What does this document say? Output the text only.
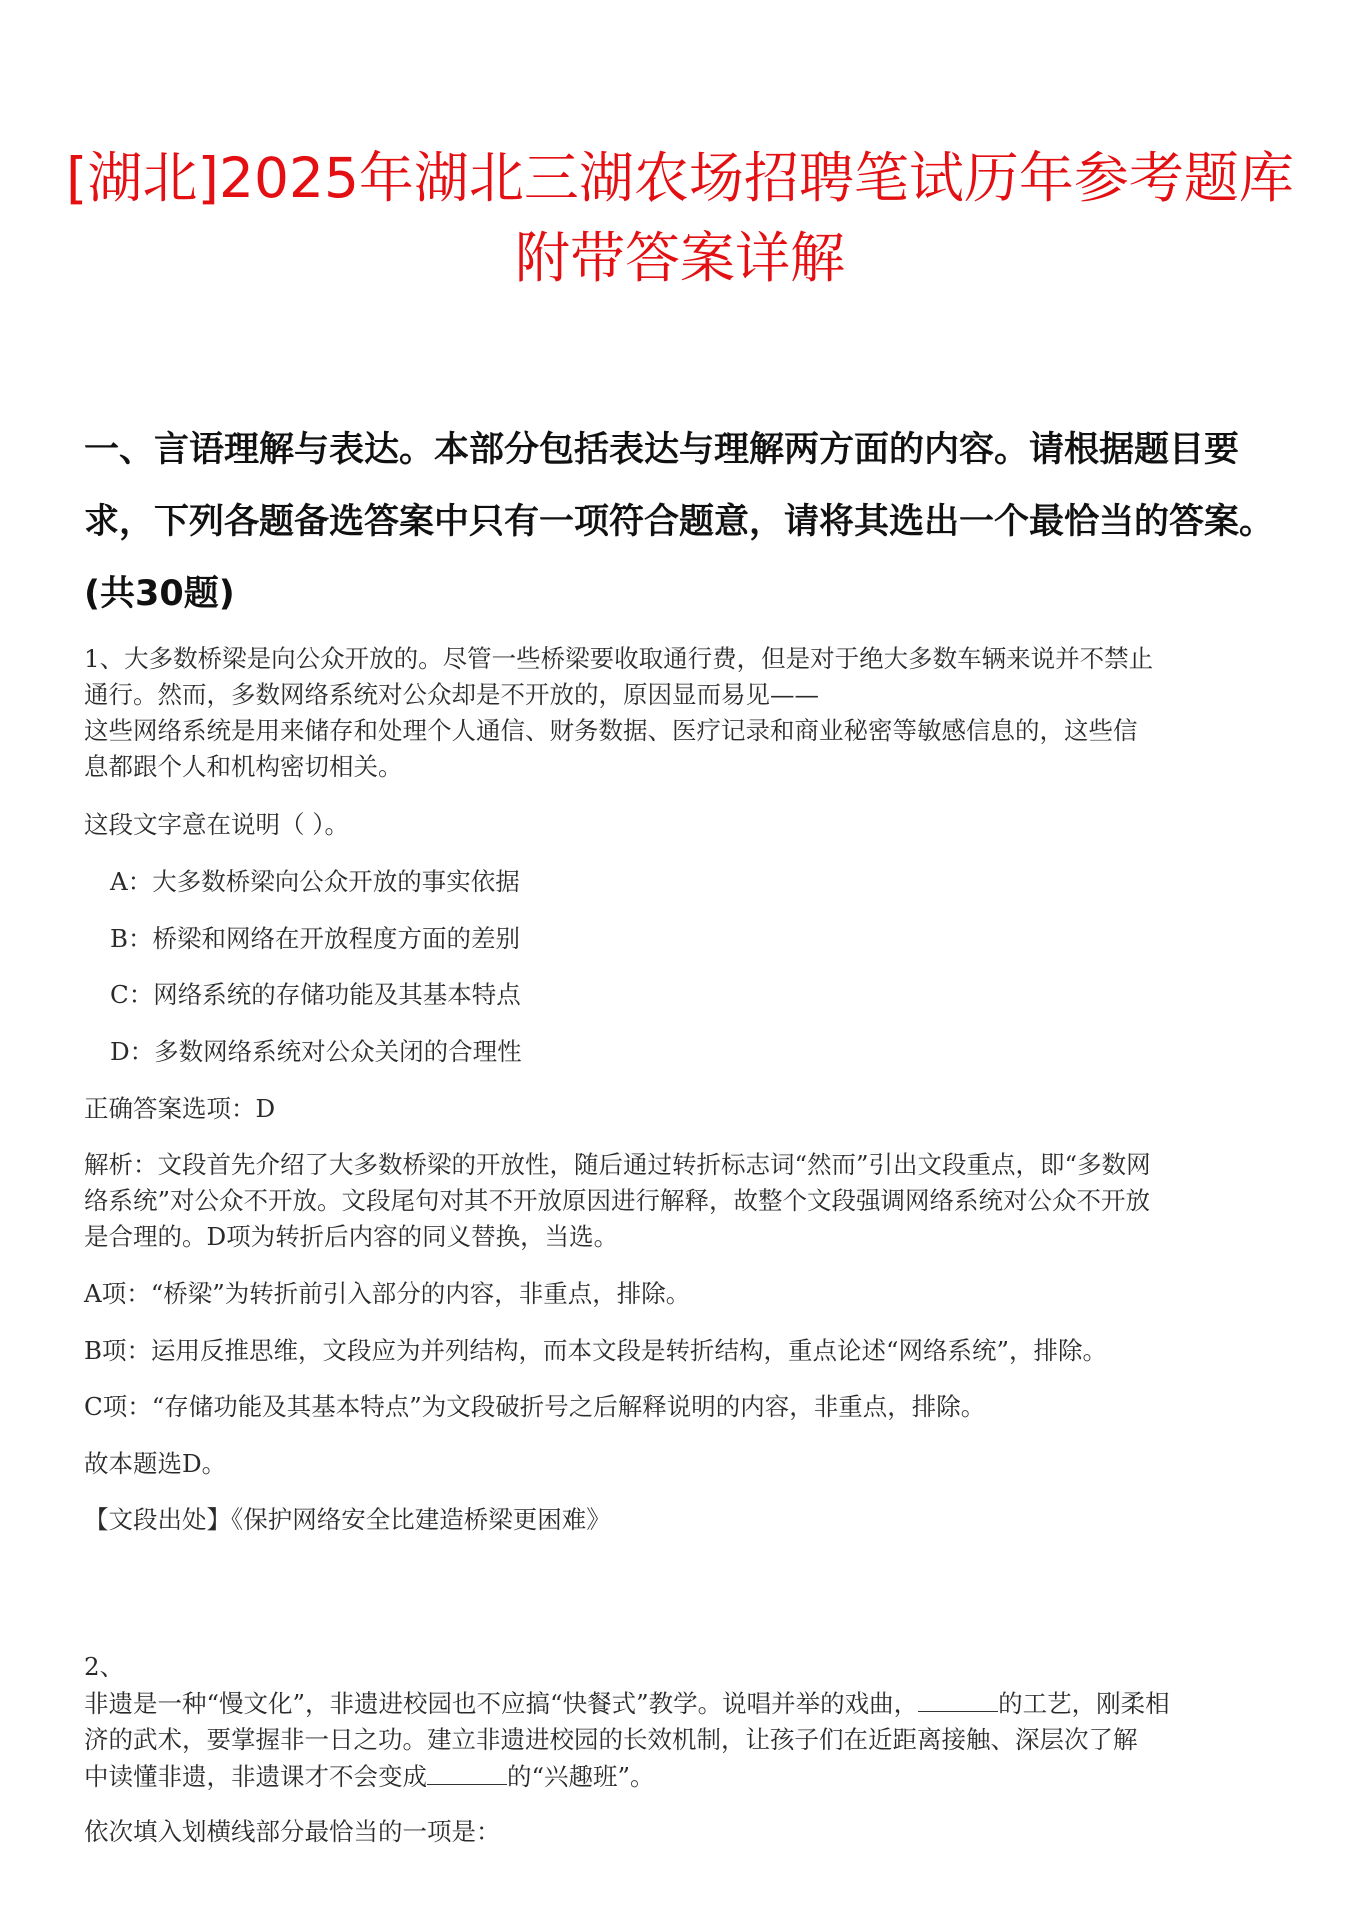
[湖北]2025年湖北三湖农场招聘笔试历年参考题库
附带答案详解

一、言语理解与表达。本部分包括表达与理解两方面的内容。请根据题目要求，下列各题备选答案中只有一项符合题意，请将其选出一个最恰当的答案。(共30题)

1、大多数桥梁是向公众开放的。尽管一些桥梁要收取通行费，但是对于绝大多数车辆来说并不禁止
通行。然而，多数网络系统对公众却是不开放的，原因显而易见——
这些网络系统是用来储存和处理个人通信、财务数据、医疗记录和商业秘密等敏感信息的，这些信
息都跟个人和机构密切相关。

这段文字意在说明（ ）。

A：大多数桥梁向公众开放的事实依据

B：桥梁和网络在开放程度方面的差别

C：网络系统的存储功能及其基本特点

D：多数网络系统对公众关闭的合理性

正确答案选项：D

解析：文段首先介绍了大多数桥梁的开放性，随后通过转折标志词“然而”引出文段重点，即“多数网
络系统”对公众不开放。文段尾句对其不开放原因进行解释，故整个文段强调网络系统对公众不开放
是合理的。D项为转折后内容的同义替换，当选。

A项：“桥梁”为转折前引入部分的内容，非重点，排除。

B项：运用反推思维，文段应为并列结构，而本文段是转折结构，重点论述“网络系统”，排除。

C项：“存储功能及其基本特点”为文段破折号之后解释说明的内容，非重点，排除。

故本题选D。

【文段出处】《保护网络安全比建造桥梁更困难》

2、
非遗是一种“慢文化”，非遗进校园也不应搞“快餐式”教学。说唱并举的戏曲，	的工艺，刚柔相
济的武术，要掌握非一日之功。建立非遗进校园的长效机制，让孩子们在近距离接触、深层次了解
中读懂非遗，非遗课才不会变成	的“兴趣班”。

依次填入划横线部分最恰当的一项是：
